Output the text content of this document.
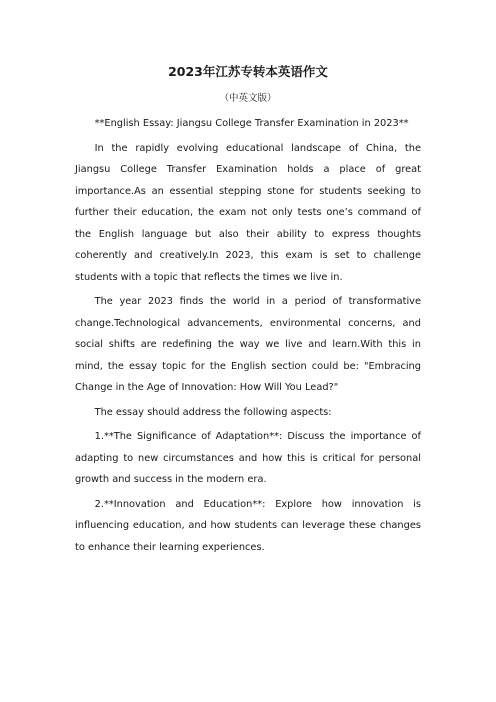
2023年江苏专转本英语作文
（中英文版）

**English Essay: Jiangsu College Transfer Examination in 2023**

In the rapidly evolving educational landscape of China, the Jiangsu College Transfer Examination holds a place of great importance.As an essential stepping stone for students seeking to further their education, the exam not only tests one’s command of the English language but also their ability to express thoughts coherently and creatively.In 2023, this exam is set to challenge students with a topic that reflects the times we live in.

The year 2023 finds the world in a period of transformative change.Technological advancements, environmental concerns, and social shifts are redefining the way we live and learn.With this in mind, the essay topic for the English section could be: "Embracing Change in the Age of Innovation: How Will You Lead?"

The essay should address the following aspects:

1.**The Significance of Adaptation**: Discuss the importance of adapting to new circumstances and how this is critical for personal growth and success in the modern era.

2.**Innovation and Education**: Explore how innovation is influencing education, and how students can leverage these changes to enhance their learning experiences.
